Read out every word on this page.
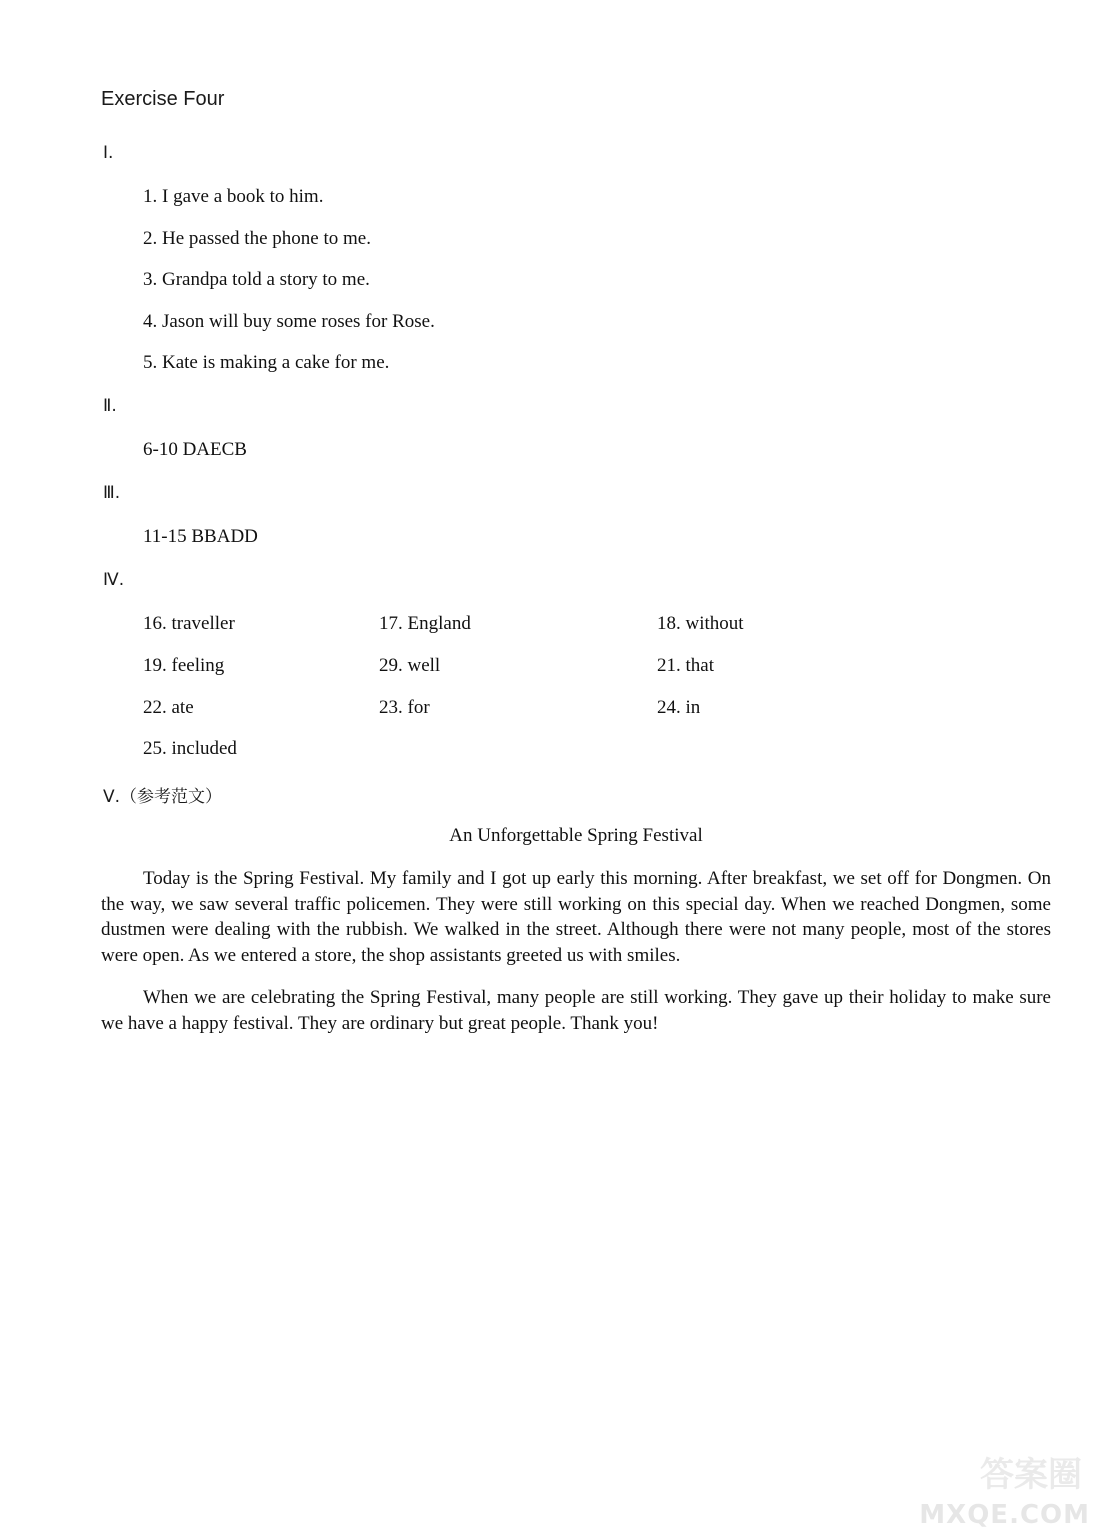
Exercise Four
Ⅰ.
1. I gave a book to him.
2. He passed the phone to me.
3. Grandpa told a story to me.
4. Jason will buy some roses for Rose.
5. Kate is making a cake for me.
Ⅱ.
6-10 DAECB
Ⅲ.
11-15 BBADD
Ⅳ.
16. traveller	17. England	18. without
19. feeling	29. well	21. that
22. ate	23. for	24. in
25. included
Ⅴ.（参考范文）
An Unforgettable Spring Festival
Today is the Spring Festival. My family and I got up early this morning. After breakfast, we set off for Dongmen. On the way, we saw several traffic policemen. They were still working on this special day. When we reached Dongmen, some dustmen were dealing with the rubbish. We walked in the street. Although there were not many people, most of the stores were open. As we entered a store, the shop assistants greeted us with smiles.
When we are celebrating the Spring Festival, many people are still working. They gave up their holiday to make sure we have a happy festival. They are ordinary but great people. Thank you!
答案圈
MXQE.COM
